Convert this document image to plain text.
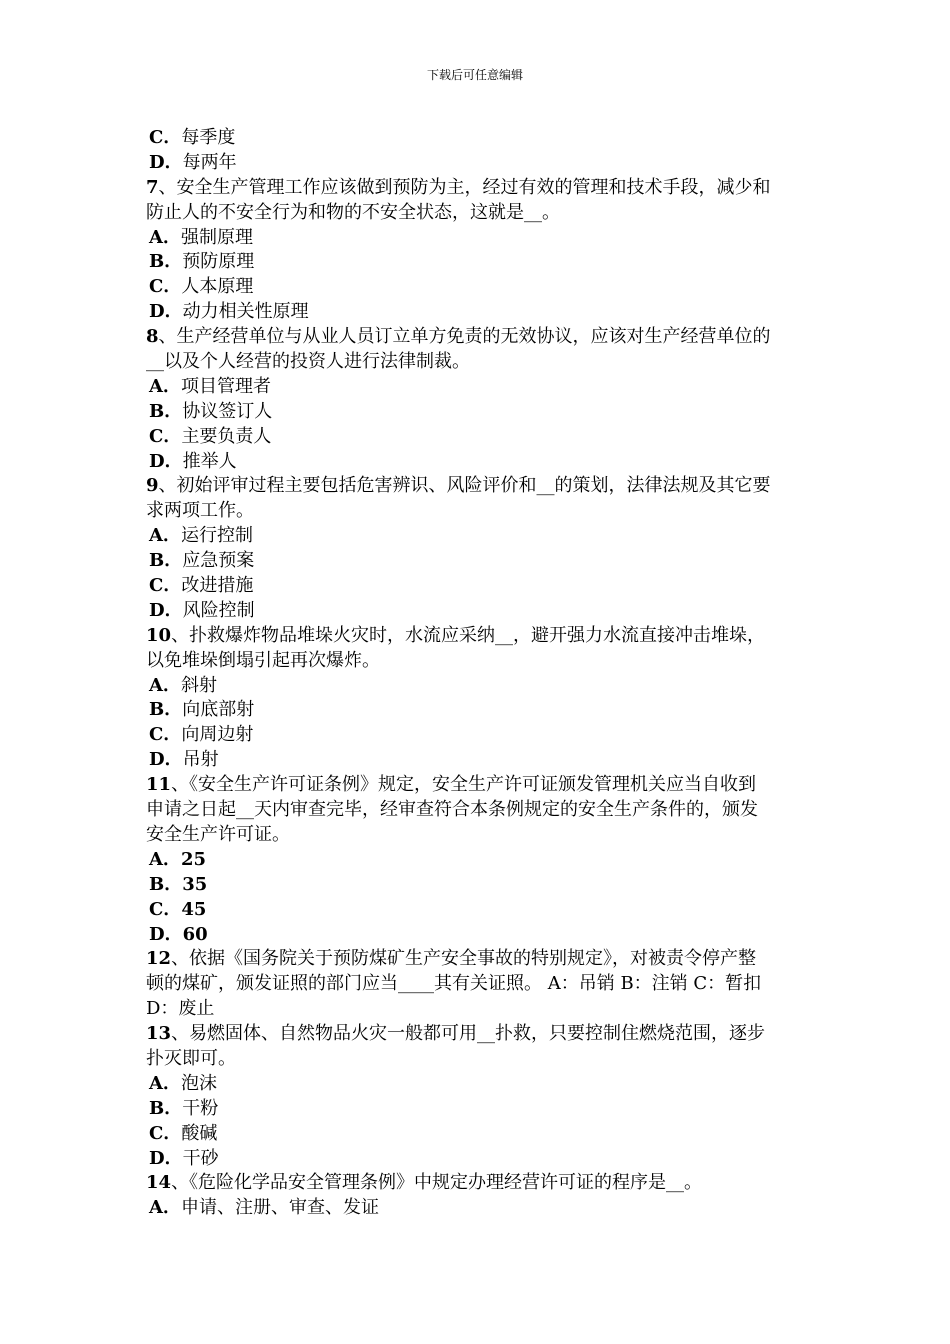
下载后可任意编辑
C．每季度
D．每两年
7、安全生产管理工作应该做到预防为主，经过有效的管理和技术手段，减少和
防止人的不安全行为和物的不安全状态，这就是__。
A．强制原理
B．预防原理
C．人本原理
D．动力相关性原理
8、生产经营单位与从业人员订立单方免责的无效协议，应该对生产经营单位的
__以及个人经营的投资人进行法律制裁。
A．项目管理者
B．协议签订人
C．主要负责人
D．推举人
9、初始评审过程主要包括危害辨识、风险评价和__的策划，法律法规及其它要
求两项工作。
A．运行控制
B．应急预案
C．改进措施
D．风险控制
10、扑救爆炸物品堆垛火灾时，水流应采纳__，避开强力水流直接冲击堆垛，
以免堆垛倒塌引起再次爆炸。
A．斜射
B．向底部射
C．向周边射
D．吊射
11、《安全生产许可证条例》规定，安全生产许可证颁发管理机关应当自收到
申请之日起__天内审查完毕，经审查符合本条例规定的安全生产条件的，颁发
安全生产许可证。
A．25
B．35
C．45
D．60
12、依据《国务院关于预防煤矿生产安全事故的特别规定》，对被责令停产整
顿的煤矿，颁发证照的部门应当____其有关证照。 A：吊销 B：注销 C：暂扣
D：废止
13、易燃固体、自然物品火灾一般都可用__扑救，只要控制住燃烧范围，逐步
扑灭即可。
A．泡沫
B．干粉
C．酸碱
D．干砂
14、《危险化学品安全管理条例》中规定办理经营许可证的程序是__。
A．申请、注册、审查、发证
